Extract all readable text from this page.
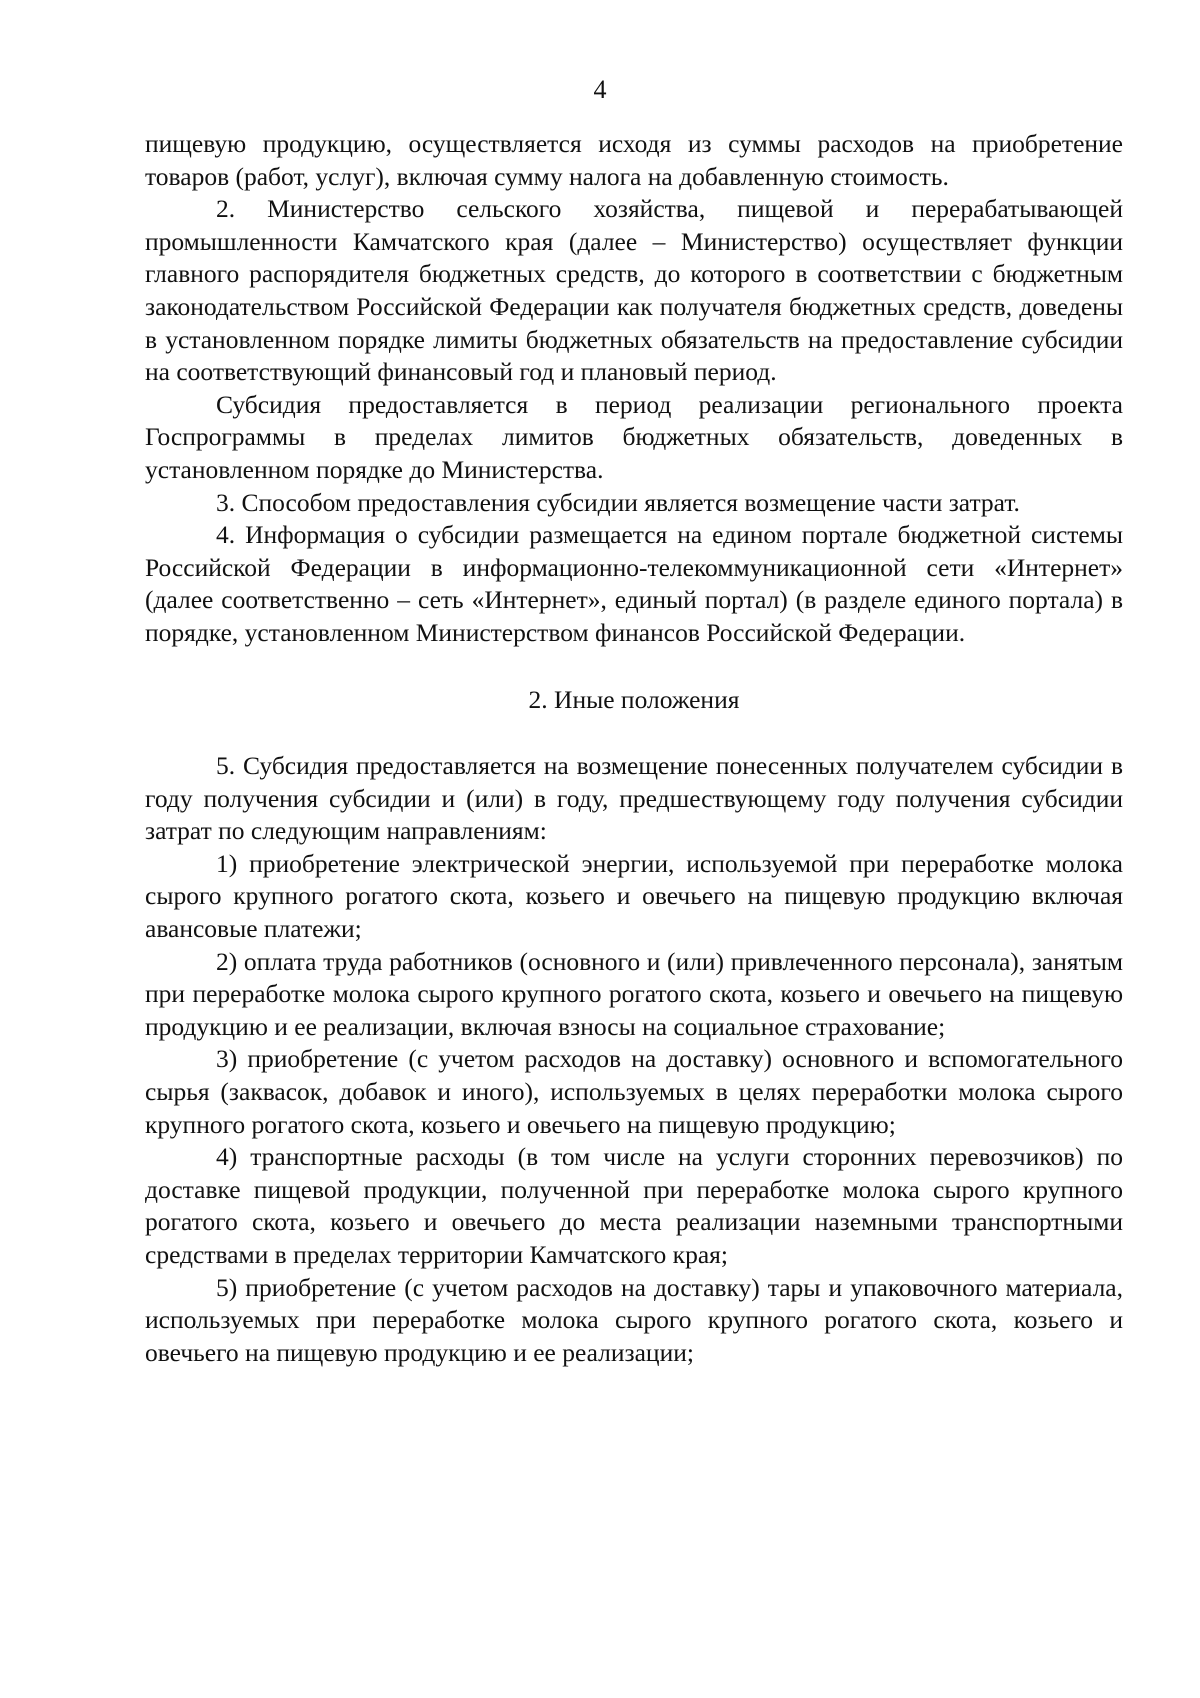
4

пищевую продукцию, осуществляется исходя из суммы расходов на приобретение товаров (работ, услуг), включая сумму налога на добавленную стоимость.

2. Министерство сельского хозяйства, пищевой и перерабатывающей промышленности Камчатского края (далее – Министерство) осуществляет функции главного распорядителя бюджетных средств, до которого в соответствии с бюджетным законодательством Российской Федерации как получателя бюджетных средств, доведены в установленном порядке лимиты бюджетных обязательств на предоставление субсидии на соответствующий финансовый год и плановый период.

Субсидия предоставляется в период реализации регионального проекта Госпрограммы в пределах лимитов бюджетных обязательств, доведенных в установленном порядке до Министерства.

3. Способом предоставления субсидии является возмещение части затрат.

4. Информация о субсидии размещается на едином портале бюджетной системы Российской Федерации в информационно-телекоммуникационной сети «Интернет» (далее соответственно – сеть «Интернет», единый портал) (в разделе единого портала) в порядке, установленном Министерством финансов Российской Федерации.

2. Иные положения

5. Субсидия предоставляется на возмещение понесенных получателем субсидии в году получения субсидии и (или) в году, предшествующему году получения субсидии затрат по следующим направлениям:

1) приобретение электрической энергии, используемой при переработке молока сырого крупного рогатого скота, козьего и овечьего на пищевую продукцию включая авансовые платежи;

2) оплата труда работников (основного и (или) привлеченного персонала), занятым при переработке молока сырого крупного рогатого скота, козьего и овечьего на пищевую продукцию и ее реализации, включая взносы на социальное страхование;

3) приобретение (с учетом расходов на доставку) основного и вспомогательного сырья (заквасок, добавок и иного), используемых в целях переработки молока сырого крупного рогатого скота, козьего и овечьего на пищевую продукцию;

4) транспортные расходы (в том числе на услуги сторонних перевозчиков) по доставке пищевой продукции, полученной при переработке молока сырого крупного рогатого скота, козьего и овечьего до места реализации наземными транспортными средствами в пределах территории Камчатского края;

5) приобретение (с учетом расходов на доставку) тары и упаковочного материала, используемых при переработке молока сырого крупного рогатого скота, козьего и овечьего на пищевую продукцию и ее реализации;
